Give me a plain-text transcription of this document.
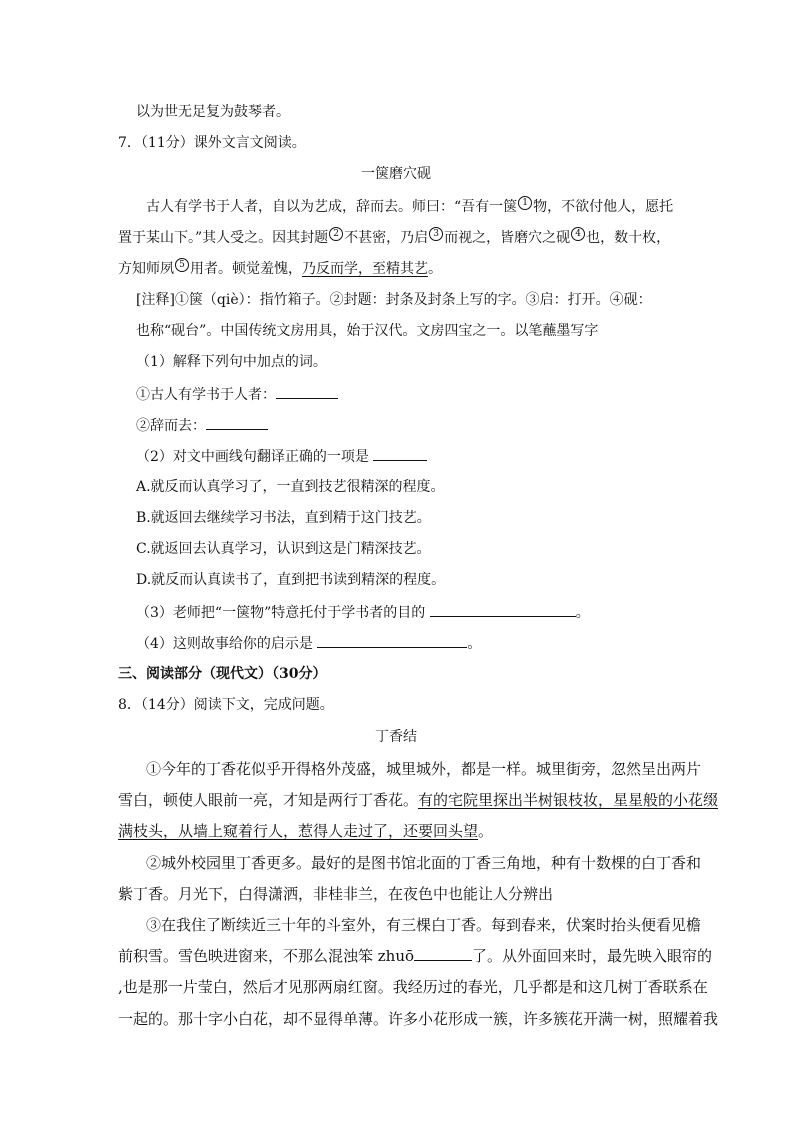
以为世无足复为鼓琴者。
7．（11分）课外文言文阅读。
一箧磨穴砚
古人有学书于人者，自以为艺成，辞而去。师曰：“吾有一箧 1 物，不欲付他人，愿托
置于某山下。”其人受之。因其封题 2 不甚密，乃启 3 而视之，皆磨穴之砚 4 也，数十枚，
方知师夙 5 用者。顿觉羞愧，乃反而学，至精其艺。
[注释]①箧（qiè）：指竹箱子。②封题：封条及封条上写的字。③启：打开。④砚：
也称“砚台”。中国传统文房用具，始于汉代。文房四宝之一。以笔蘸墨写字
（1）解释下列句中加点的词。
①古人有学书于人者：
②辞而去：
（2）对文中画线句翻译正确的一项是
A.就反而认真学习了，一直到技艺很精深的程度。
B.就返回去继续学习书法，直到精于这门技艺。
C.就返回去认真学习，认识到这是门精深技艺。
D.就反而认真读书了，直到把书读到精深的程度。
（3）老师把“一箧物”特意托付于学书者的目的	。
（4）这则故事给你的启示是	。
三、阅读部分（现代文）（30分）
8．（14分）阅读下文，完成问题。
丁香结
①今年的丁香花似乎开得格外茂盛，城里城外，都是一样。城里街旁，忽然呈出两片
雪白，顿使人眼前一亮，才知是两行丁香花。有的宅院里探出半树银枝妆，星星般的小花缀
满枝头，从墙上窥着行人，惹得人走过了，还要回头望。
②城外校园里丁香更多。最好的是图书馆北面的丁香三角地，种有十数棵的白丁香和
紫丁香。月光下，白得潇洒，非桂非兰，在夜色中也能让人分辨出
③在我住了断续近三十年的斗室外，有三棵白丁香。每到春来，伏案时抬头便看见檐
前积雪。雪色映进窗来，不那么混浊笨 zhuō	了。从外面回来时，最先映入眼帘的
,也是那一片莹白，然后才见那两扇红窗。我经历过的春光，几乎都是和这几树丁香联系在
一起的。那十字小白花，却不显得单薄。许多小花形成一簇，许多簇花开满一树，照耀着我
